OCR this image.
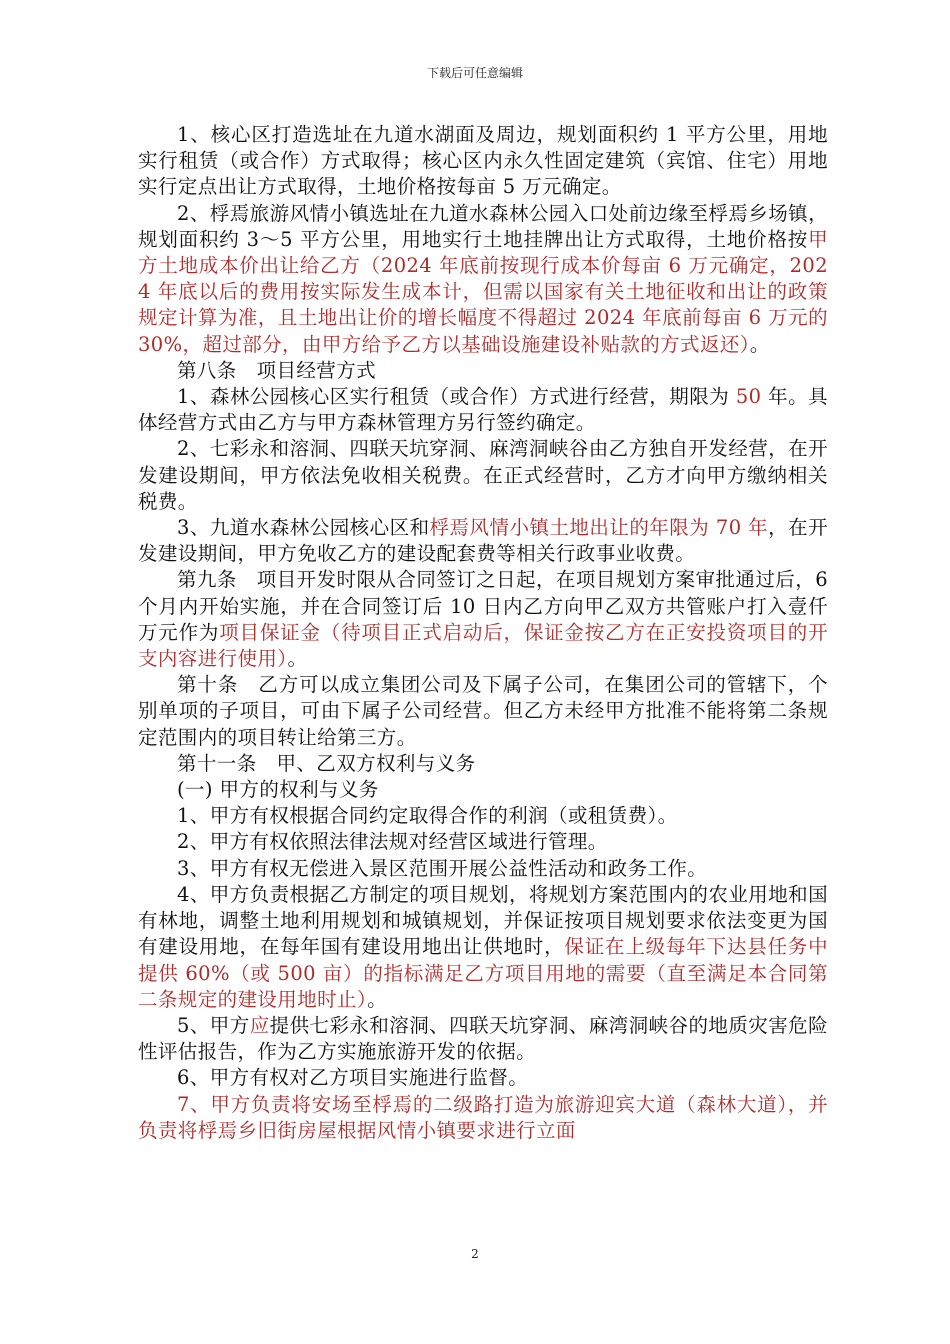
下载后可任意编辑

1、核心区打造选址在九道水湖面及周边，规划面积约 1 平方公里，用地实行租赁（或合作）方式取得；核心区内永久性固定建筑（宾馆、住宅）用地实行定点出让方式取得，土地价格按每亩 5 万元确定。

2、桴焉旅游风情小镇选址在九道水森林公园入口处前边缘至桴焉乡场镇，规划面积约 3～5 平方公里，用地实行土地挂牌出让方式取得，土地价格按甲方土地成本价出让给乙方（2024 年底前按现行成本价每亩 6 万元确定，2024 年底以后的费用按实际发生成本计，但需以国家有关土地征收和出让的政策规定计算为准，且土地出让价的增长幅度不得超过 2024 年底前每亩 6 万元的 30%，超过部分，由甲方给予乙方以基础设施建设补贴款的方式返还）。

第八条　项目经营方式

1、森林公园核心区实行租赁（或合作）方式进行经营，期限为 50 年。具体经营方式由乙方与甲方森林管理方另行签约确定。

2、七彩永和溶洞、四联天坑穿洞、麻湾洞峡谷由乙方独自开发经营，在开发建设期间，甲方依法免收相关税费。在正式经营时，乙方才向甲方缴纳相关税费。

3、九道水森林公园核心区和桴焉风情小镇土地出让的年限为 70 年，在开发建设期间，甲方免收乙方的建设配套费等相关行政事业收费。

第九条　项目开发时限从合同签订之日起，在项目规划方案审批通过后，6 个月内开始实施，并在合同签订后 10 日内乙方向甲乙双方共管账户打入壹仟万元作为项目保证金（待项目正式启动后，保证金按乙方在正安投资项目的开支内容进行使用）。

第十条　乙方可以成立集团公司及下属子公司，在集团公司的管辖下，个别单项的子项目，可由下属子公司经营。但乙方未经甲方批准不能将第二条规定范围内的项目转让给第三方。

第十一条　甲、乙双方权利与义务

(一) 甲方的权利与义务

1、甲方有权根据合同约定取得合作的利润（或租赁费）。

2、甲方有权依照法律法规对经营区域进行管理。

3、甲方有权无偿进入景区范围开展公益性活动和政务工作。

4、甲方负责根据乙方制定的项目规划，将规划方案范围内的农业用地和国有林地，调整土地利用规划和城镇规划，并保证按项目规划要求依法变更为国有建设用地，在每年国有建设用地出让供地时，保证在上级每年下达县任务中提供 60%（或 500 亩）的指标满足乙方项目用地的需要（直至满足本合同第二条规定的建设用地时止）。

5、甲方应提供七彩永和溶洞、四联天坑穿洞、麻湾洞峡谷的地质灾害危险性评估报告，作为乙方实施旅游开发的依据。

6、甲方有权对乙方项目实施进行监督。

7、甲方负责将安场至桴焉的二级路打造为旅游迎宾大道（森林大道），并负责将桴焉乡旧街房屋根据风情小镇要求进行立面

2
